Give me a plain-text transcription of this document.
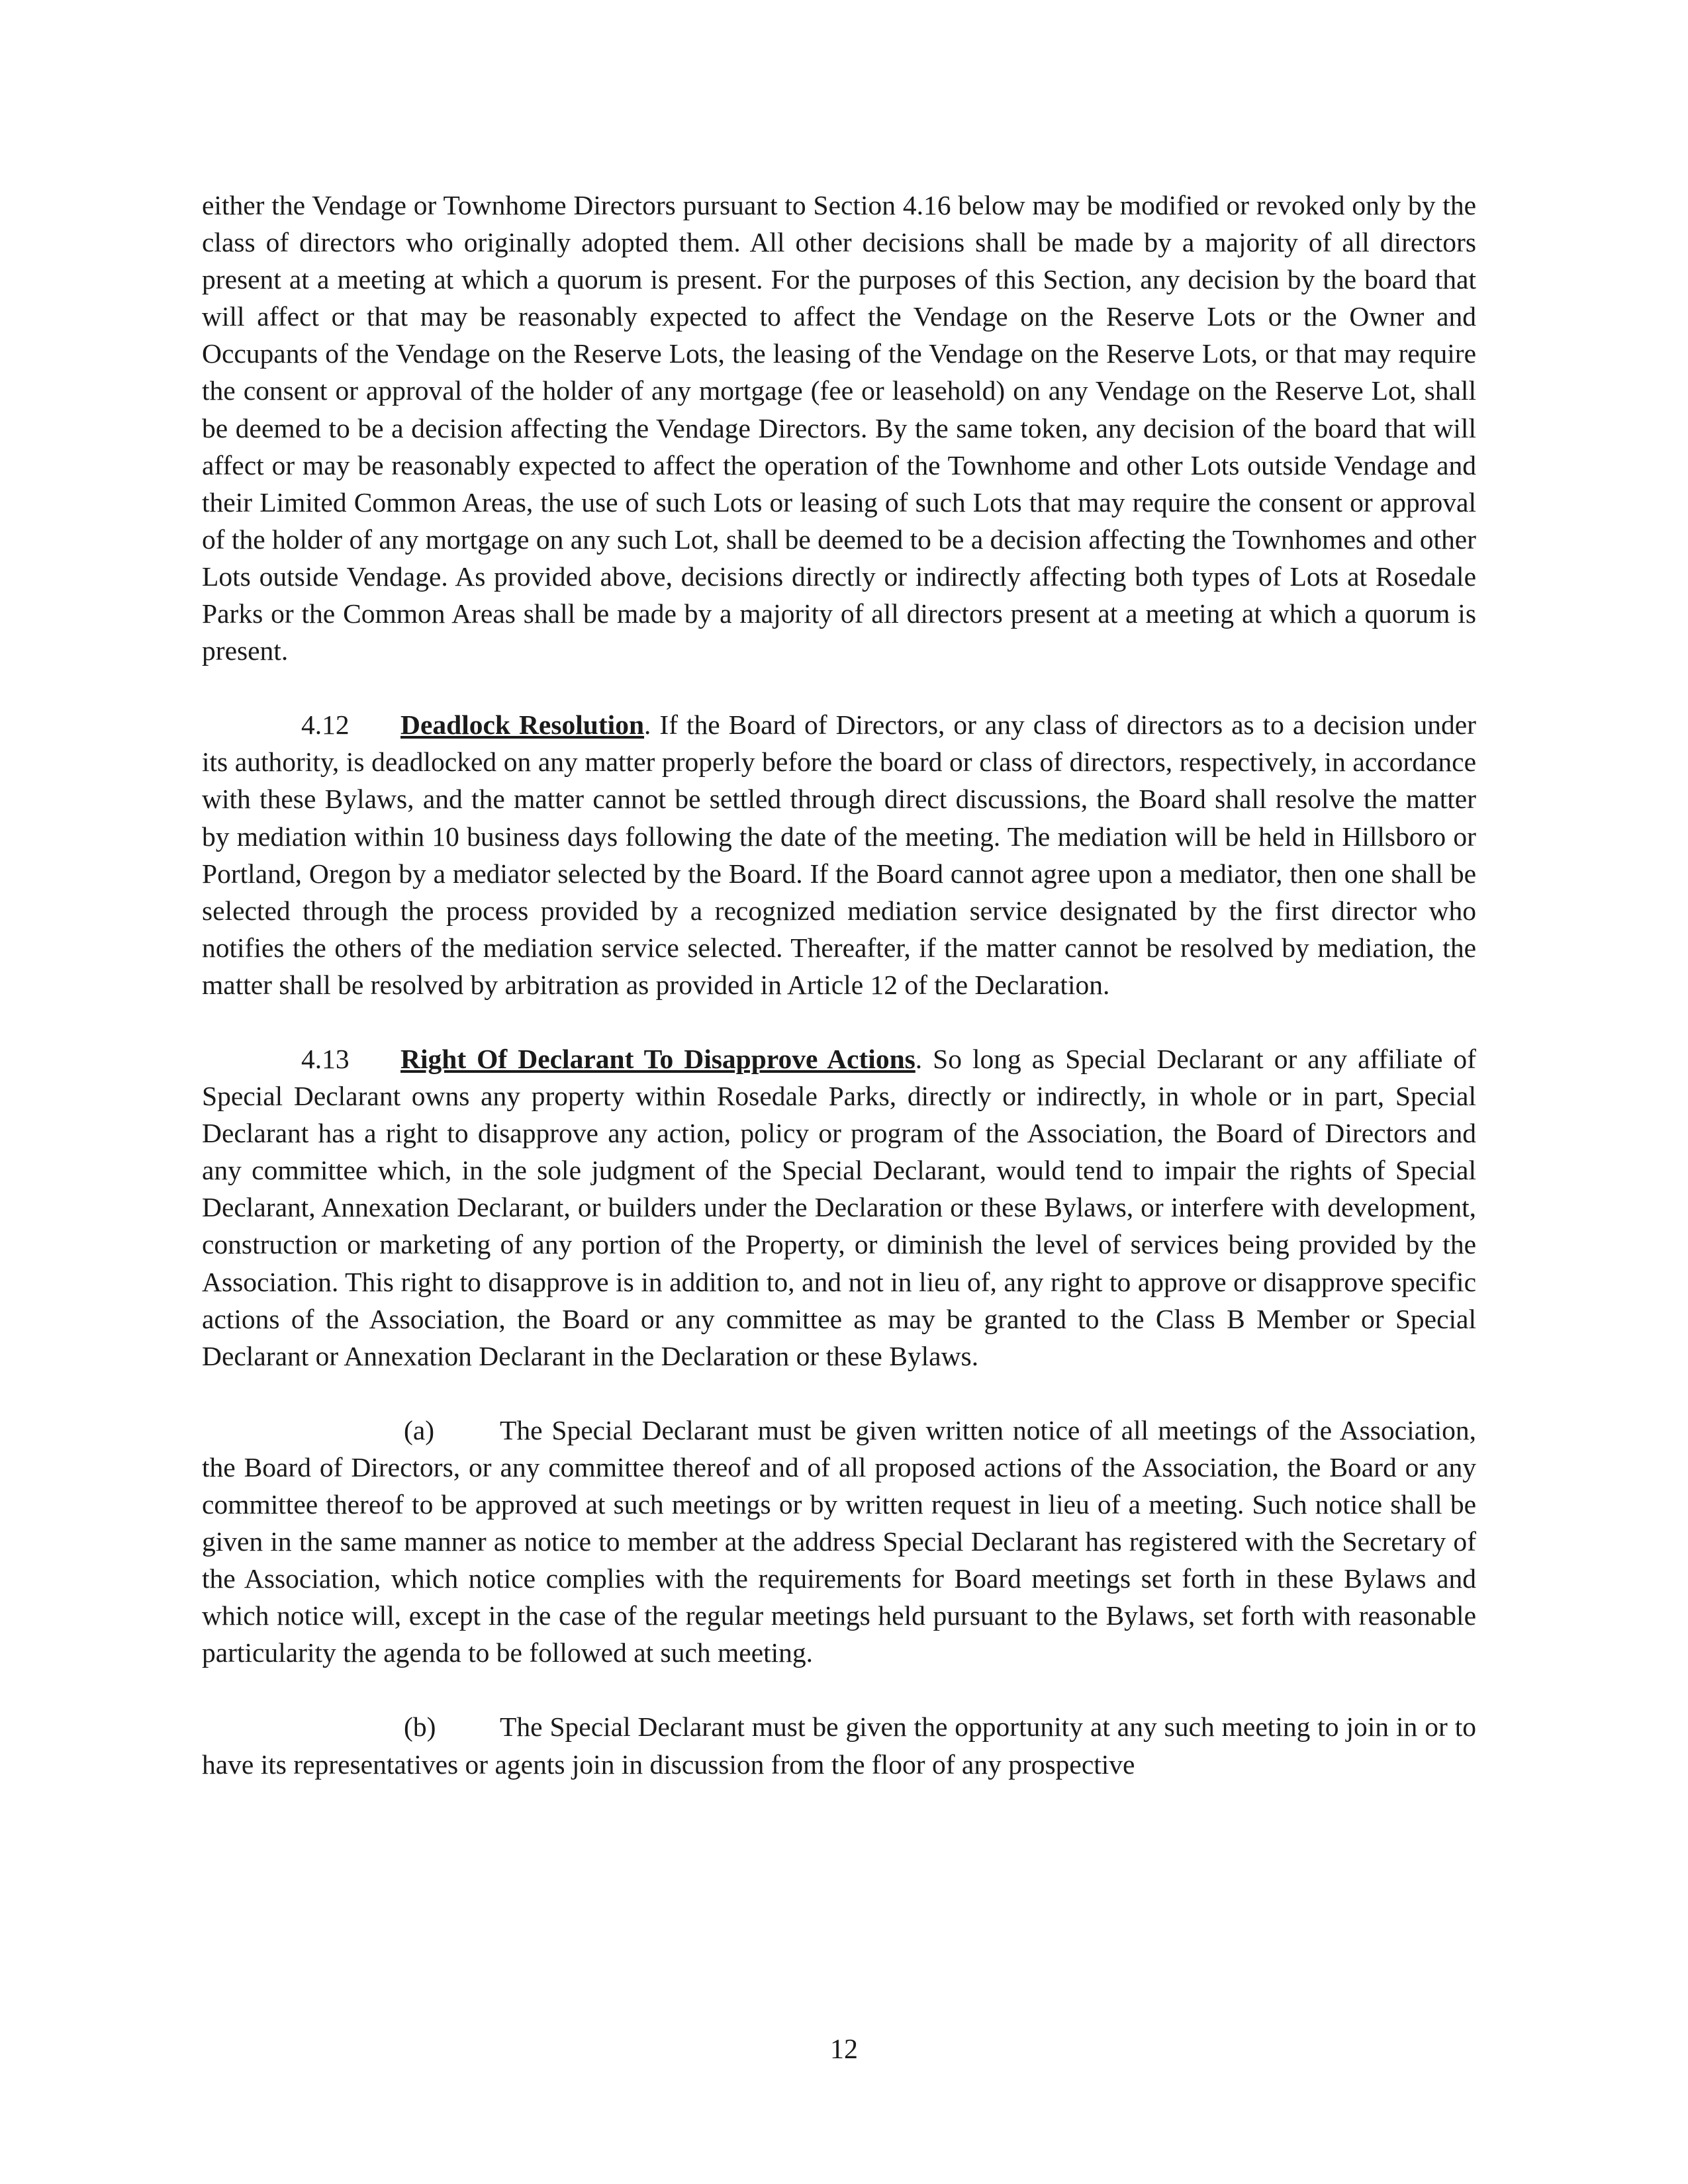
either the Vendage or Townhome Directors pursuant to Section 4.16 below may be modified or revoked only by the class of directors who originally adopted them. All other decisions shall be made by a majority of all directors present at a meeting at which a quorum is present. For the purposes of this Section, any decision by the board that will affect or that may be reasonably expected to affect the Vendage on the Reserve Lots or the Owner and Occupants of the Vendage on the Reserve Lots, the leasing of the Vendage on the Reserve Lots, or that may require the consent or approval of the holder of any mortgage (fee or leasehold) on any Vendage on the Reserve Lot, shall be deemed to be a decision affecting the Vendage Directors. By the same token, any decision of the board that will affect or may be reasonably expected to affect the operation of the Townhome and other Lots outside Vendage and their Limited Common Areas, the use of such Lots or leasing of such Lots that may require the consent or approval of the holder of any mortgage on any such Lot, shall be deemed to be a decision affecting the Townhomes and other Lots outside Vendage. As provided above, decisions directly or indirectly affecting both types of Lots at Rosedale Parks or the Common Areas shall be made by a majority of all directors present at a meeting at which a quorum is present.

4.12 Deadlock Resolution. If the Board of Directors, or any class of directors as to a decision under its authority, is deadlocked on any matter properly before the board or class of directors, respectively, in accordance with these Bylaws, and the matter cannot be settled through direct discussions, the Board shall resolve the matter by mediation within 10 business days following the date of the meeting. The mediation will be held in Hillsboro or Portland, Oregon by a mediator selected by the Board. If the Board cannot agree upon a mediator, then one shall be selected through the process provided by a recognized mediation service designated by the first director who notifies the others of the mediation service selected. Thereafter, if the matter cannot be resolved by mediation, the matter shall be resolved by arbitration as provided in Article 12 of the Declaration.

4.13 Right Of Declarant To Disapprove Actions. So long as Special Declarant or any affiliate of Special Declarant owns any property within Rosedale Parks, directly or indirectly, in whole or in part, Special Declarant has a right to disapprove any action, policy or program of the Association, the Board of Directors and any committee which, in the sole judgment of the Special Declarant, would tend to impair the rights of Special Declarant, Annexation Declarant, or builders under the Declaration or these Bylaws, or interfere with development, construction or marketing of any portion of the Property, or diminish the level of services being provided by the Association. This right to disapprove is in addition to, and not in lieu of, any right to approve or disapprove specific actions of the Association, the Board or any committee as may be granted to the Class B Member or Special Declarant or Annexation Declarant in the Declaration or these Bylaws.

(a) The Special Declarant must be given written notice of all meetings of the Association, the Board of Directors, or any committee thereof and of all proposed actions of the Association, the Board or any committee thereof to be approved at such meetings or by written request in lieu of a meeting. Such notice shall be given in the same manner as notice to member at the address Special Declarant has registered with the Secretary of the Association, which notice complies with the requirements for Board meetings set forth in these Bylaws and which notice will, except in the case of the regular meetings held pursuant to the Bylaws, set forth with reasonable particularity the agenda to be followed at such meeting.

(b) The Special Declarant must be given the opportunity at any such meeting to join in or to have its representatives or agents join in discussion from the floor of any prospective

12
